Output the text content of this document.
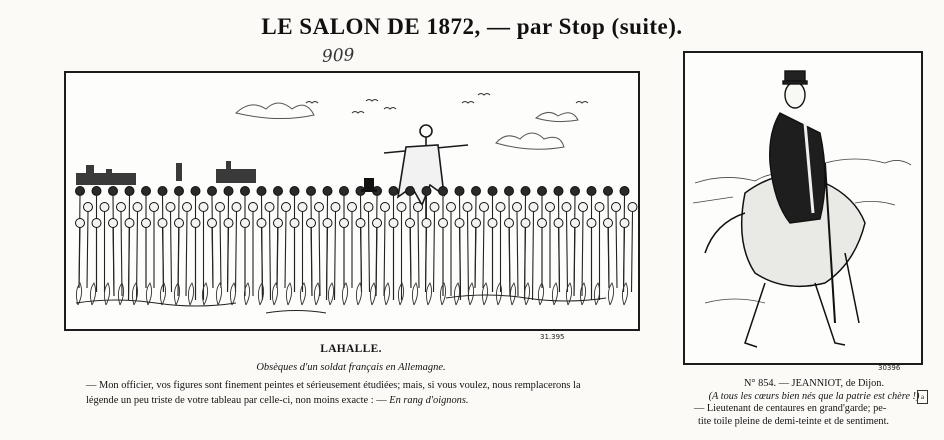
LE SALON DE 1872, — par Stop (suite).
909
31.395
30396
LAHALLE.
Obsèques d'un soldat français en Allemagne.
— Mon officier, vos figures sont finement peintes et sérieusement étudiées; mais, si vous voulez, nous remplacerons la
légende un peu triste de votre tableau par celle-ci, non moins exacte : — En rang d'oignons.
N° 854. — JEANNIOT, de Dijon.
(A tous les cœurs bien nés que la patrie est chère !)
— Lieutenant de centaures en grand'garde; pe-
tite toile pleine de demi-teinte et de sentiment.
a
